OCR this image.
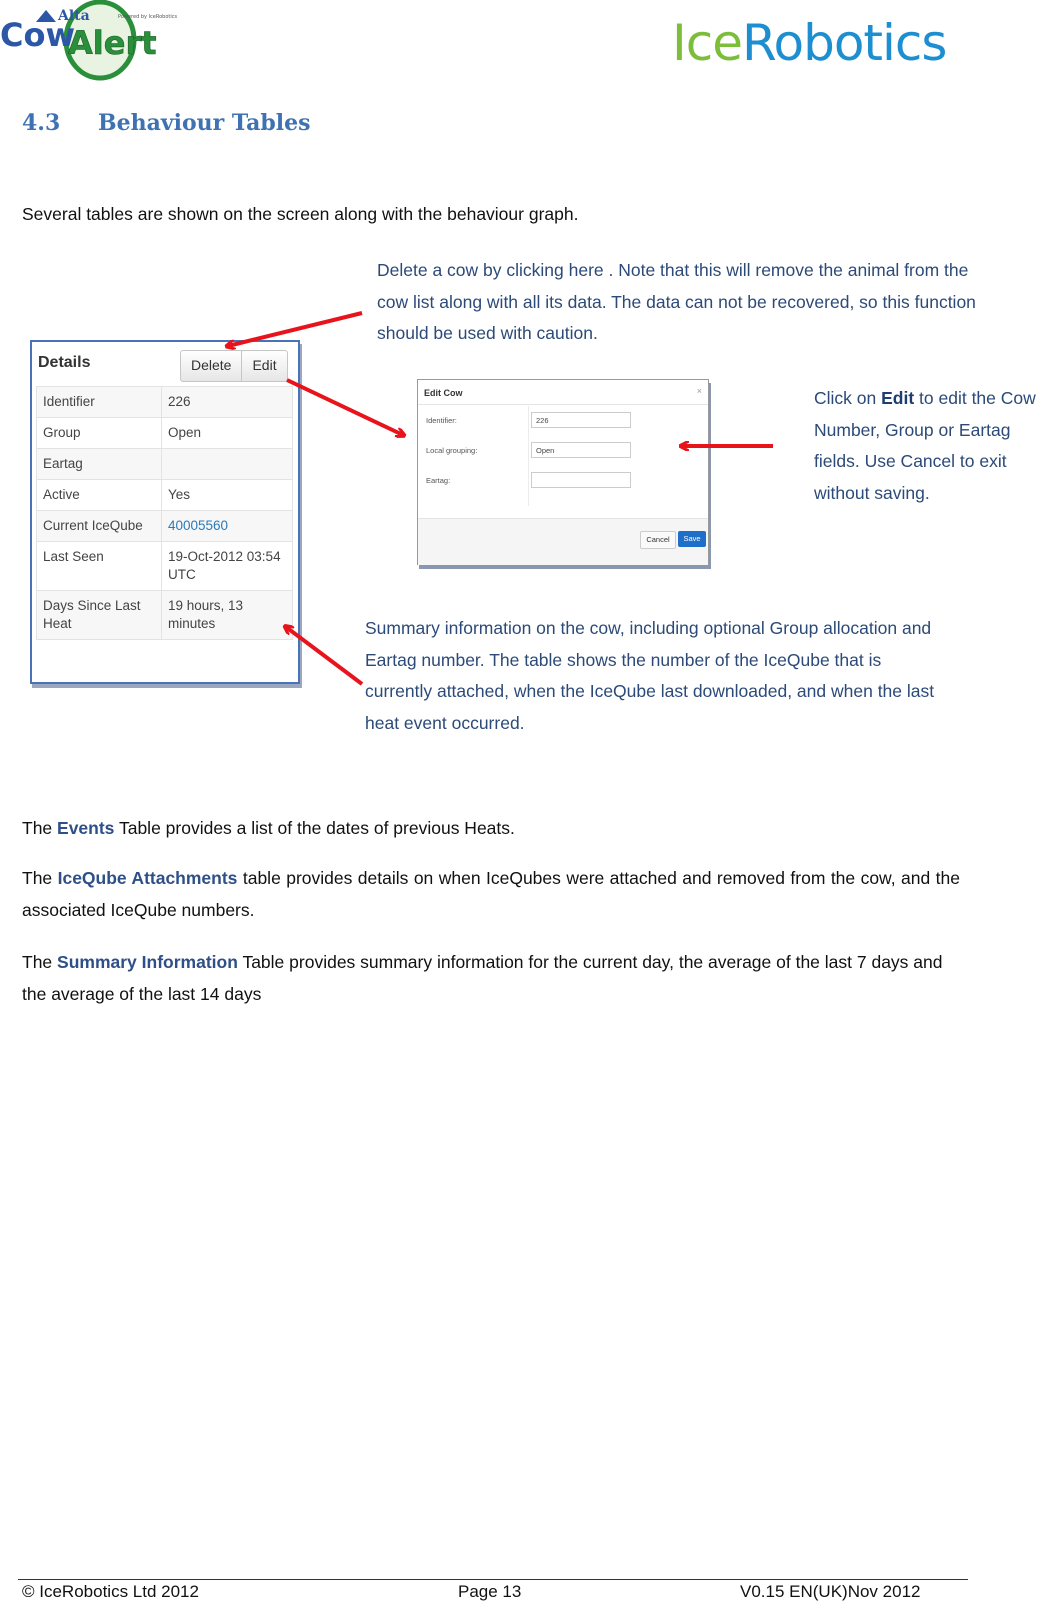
Alta
Cow
Alert
Powered by IceRobotics	IceRobotics
4.3 Behaviour Tables
Several tables are shown on the screen along with the behaviour graph.
Delete a cow by clicking here . Note that this will remove the animal from the cow list along with all its data. The data can not be recovered, so this function should be used with caution.
Click on Edit to edit the Cow Number, Group or Eartag fields. Use Cancel to exit without saving.
Summary information on the cow, including optional Group allocation and Eartag number. The table shows the number of the IceQube that is currently attached, when the IceQube last downloaded, and when the last heat event occurred.
Details	Delete	Edit
Identifier	226
Group	Open
Eartag	
Active	Yes
Current IceQube	40005560
Last Seen	19-Oct-2012 03:54 UTC
Days Since Last Heat	19 hours, 13 minutes
Edit Cow	×
Identifier:	226
Local grouping:	Open
Eartag:
Cancel	Save
The Events Table provides a list of the dates of previous Heats.
The IceQube Attachments table provides details on when IceQubes were attached and removed from the cow, and the associated IceQube numbers.
The Summary Information Table provides summary information for the current day, the average of the last 7 days and the average of the last 14 days
© IceRobotics Ltd 2012	Page 13	V0.15 EN(UK)Nov 2012
